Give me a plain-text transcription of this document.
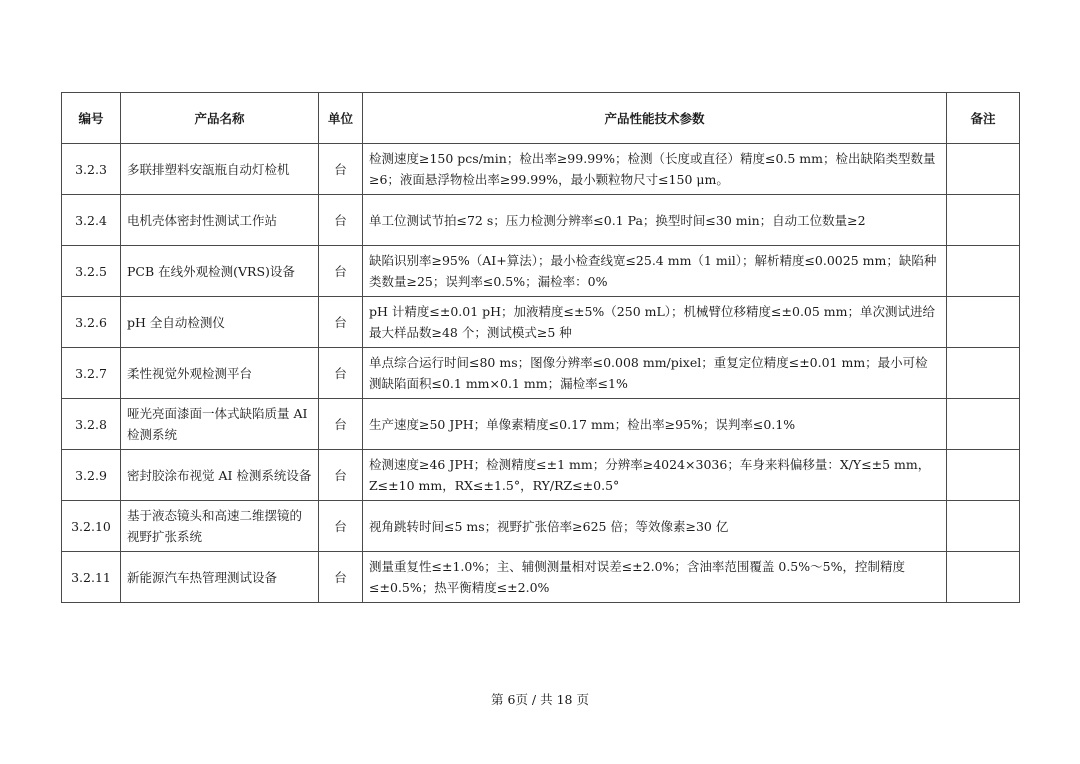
编号	产品名称	单位	产品性能技术参数	备注
3.2.3	多联排塑料安瓿瓶自动灯检机	台	检测速度≥150 pcs/min；检出率≥99.99%；检测（长度或直径）精度≤0.5 mm；检出缺陷类型数量≥6；液面悬浮物检出率≥99.99%，最小颗粒物尺寸≤150 μm。	
3.2.4	电机壳体密封性测试工作站	台	单工位测试节拍≤72 s；压力检测分辨率≤0.1 Pa；换型时间≤30 min；自动工位数量≥2	
3.2.5	PCB 在线外观检测(VRS)设备	台	缺陷识别率≥95%（AI+算法）；最小检查线宽≤25.4 mm（1 mil）；解析精度≤0.0025 mm；缺陷种类数量≥25；误判率≤0.5%；漏检率：0%	
3.2.6	pH 全自动检测仪	台	pH 计精度≤±0.01 pH；加液精度≤±5%（250 mL）；机械臂位移精度≤±0.05 mm；单次测试进给最大样品数≥48 个；测试模式≥5 种	
3.2.7	柔性视觉外观检测平台	台	单点综合运行时间≤80 ms；图像分辨率≤0.008 mm/pixel；重复定位精度≤±0.01 mm；最小可检测缺陷面积≤0.1 mm×0.1 mm；漏检率≤1%	
3.2.8	哑光亮面漆面一体式缺陷质量 AI 检测系统	台	生产速度≥50 JPH；单像素精度≤0.17 mm；检出率≥95%；误判率≤0.1%	
3.2.9	密封胶涂布视觉 AI 检测系统设备	台	检测速度≥46 JPH；检测精度≤±1 mm；分辨率≥4024×3036；车身来料偏移量：X/Y≤±5 mm，Z≤±10 mm，RX≤±1.5°，RY/RZ≤±0.5°	
3.2.10	基于液态镜头和高速二维摆镜的视野扩张系统	台	视角跳转时间≤5 ms；视野扩张倍率≥625 倍；等效像素≥30 亿	
3.2.11	新能源汽车热管理测试设备	台	测量重复性≤±1.0%；主、辅侧测量相对误差≤±2.0%；含油率范围覆盖 0.5%～5%，控制精度≤±0.5%；热平衡精度≤±2.0%	
第 6页 / 共 18 页
